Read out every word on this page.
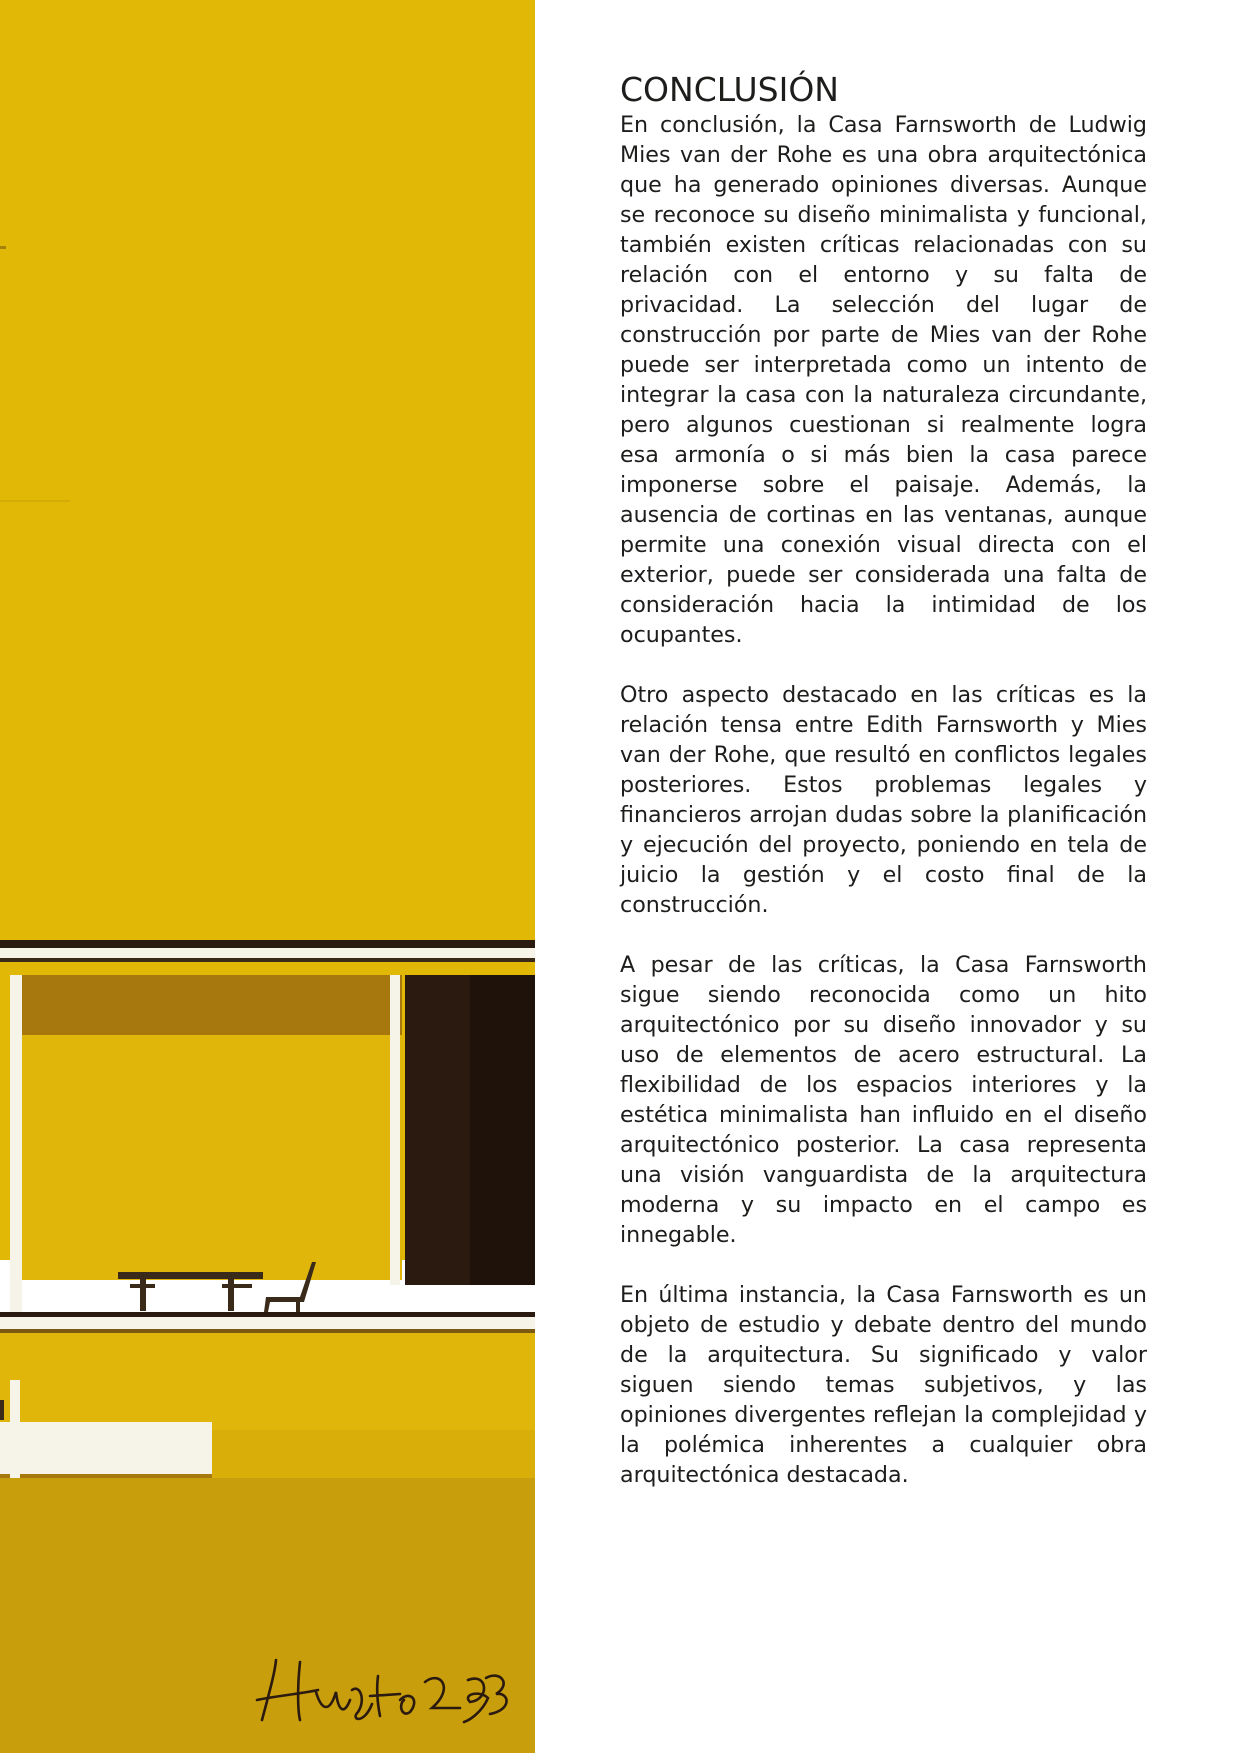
CONCLUSIÓN

En conclusión, la Casa Farnsworth de Ludwig Mies van der Rohe es una obra arquitectónica que ha generado opiniones diversas. Aunque se reconoce su diseño minimalista y funcional, también existen críticas relacionadas con su relación con el entorno y su falta de privacidad. La selección del lugar de construcción por parte de Mies van der Rohe puede ser interpretada como un intento de integrar la casa con la naturaleza circundante, pero algunos cuestionan si realmente logra esa armonía o si más bien la casa parece imponerse sobre el paisaje. Además, la ausencia de cortinas en las ventanas, aunque permite una conexión visual directa con el exterior, puede ser considerada una falta de consideración hacia la intimidad de los ocupantes.

Otro aspecto destacado en las críticas es la relación tensa entre Edith Farnsworth y Mies van der Rohe, que resultó en conflictos legales posteriores. Estos problemas legales y financieros arrojan dudas sobre la planificación y ejecución del proyecto, poniendo en tela de juicio la gestión y el costo final de la construcción.

A pesar de las críticas, la Casa Farnsworth sigue siendo reconocida como un hito arquitectónico por su diseño innovador y su uso de elementos de acero estructural. La flexibilidad de los espacios interiores y la estética minimalista han influido en el diseño arquitectónico posterior. La casa representa una visión vanguardista de la arquitectura moderna y su impacto en el campo es innegable.

En última instancia, la Casa Farnsworth es un objeto de estudio y debate dentro del mundo de la arquitectura. Su significado y valor siguen siendo temas subjetivos, y las opiniones divergentes reflejan la complejidad y la polémica inherentes a cualquier obra arquitectónica destacada.
